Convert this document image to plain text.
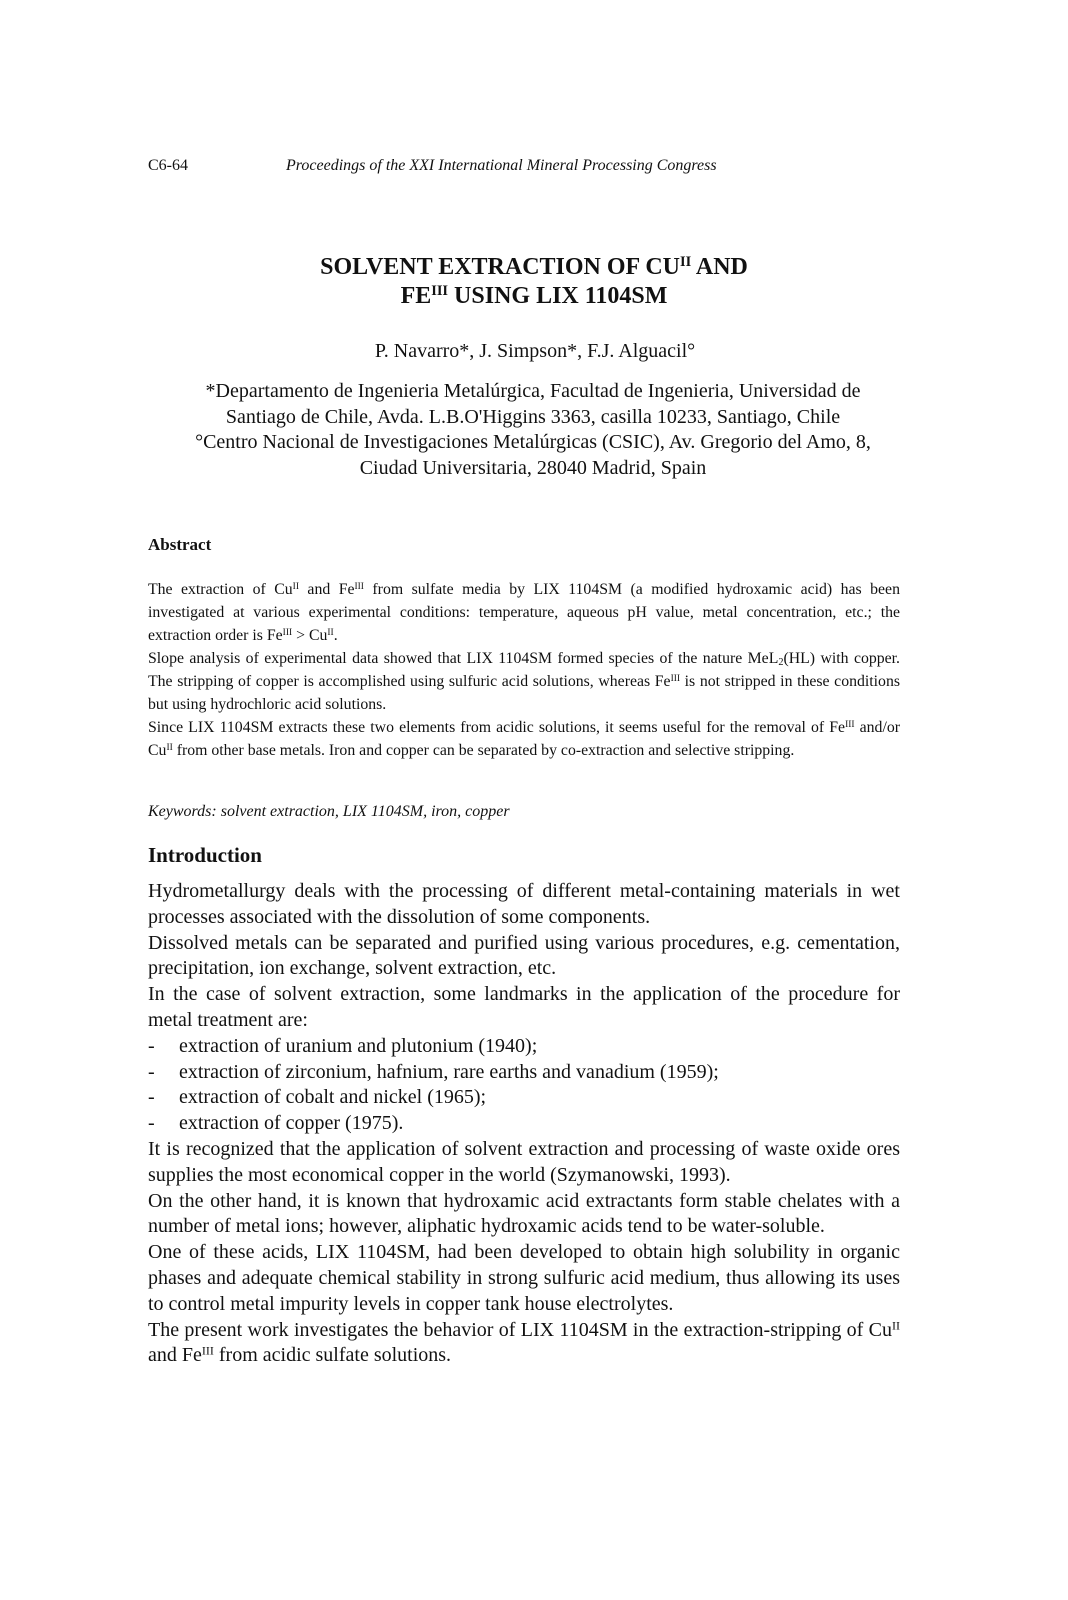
C6-64	Proceedings of the XXI International Mineral Processing Congress
SOLVENT EXTRACTION OF $CU^{II}$ AND
$FE^{III}$ USING LIX 1104SM
P. Navarro*, J. Simpson*, F.J. Alguacil°
*Departamento de Ingenieria Metalúrgica, Facultad de Ingenieria, Universidad de
Santiago de Chile, Avda. L.B.O'Higgins 3363, casilla 10233, Santiago, Chile
°Centro Nacional de Investigaciones Metalúrgicas (CSIC), Av. Gregorio del Amo, 8,
Ciudad Universitaria, 28040 Madrid, Spain
Abstract

The extraction of $Cu^{II}$ and $Fe^{III}$ from sulfate media by LIX 1104SM (a modified hydroxamic acid) has been investigated at various experimental conditions: temperature, aqueous pH value, metal concentration, etc.; the extraction order is $Fe^{III} > Cu^{II}$.

Slope analysis of experimental data showed that LIX 1104SM formed species of the nature MeL$_2$(HL) with copper. The stripping of copper is accomplished using sulfuric acid solutions, whereas $Fe^{III}$ is not stripped in these conditions but using hydrochloric acid solutions.

Since LIX 1104SM extracts these two elements from acidic solutions, it seems useful for the removal of $Fe^{III}$ and/or $Cu^{II}$ from other base metals. Iron and copper can be separated by co-extraction and selective stripping.

Keywords: solvent extraction, LIX 1104SM, iron, copper
Introduction

Hydrometallurgy deals with the processing of different metal-containing materials in wet processes associated with the dissolution of some components.

Dissolved metals can be separated and purified using various procedures, e.g. cementation, precipitation, ion exchange, solvent extraction, etc.

In the case of solvent extraction, some landmarks in the application of the procedure for metal treatment are:

- extraction of uranium and plutonium (1940);
- extraction of zirconium, hafnium, rare earths and vanadium (1959);
- extraction of cobalt and nickel (1965);
- extraction of copper (1975).

It is recognized that the application of solvent extraction and processing of waste oxide ores supplies the most economical copper in the world (Szymanowski, 1993).

On the other hand, it is known that hydroxamic acid extractants form stable chelates with a number of metal ions; however, aliphatic hydroxamic acids tend to be water-soluble.

One of these acids, LIX 1104SM, had been developed to obtain high solubility in organic phases and adequate chemical stability in strong sulfuric acid medium, thus allowing its uses to control metal impurity levels in copper tank house electrolytes.

The present work investigates the behavior of LIX 1104SM in the extraction-stripping of $Cu^{II}$ and $Fe^{III}$ from acidic sulfate solutions.
